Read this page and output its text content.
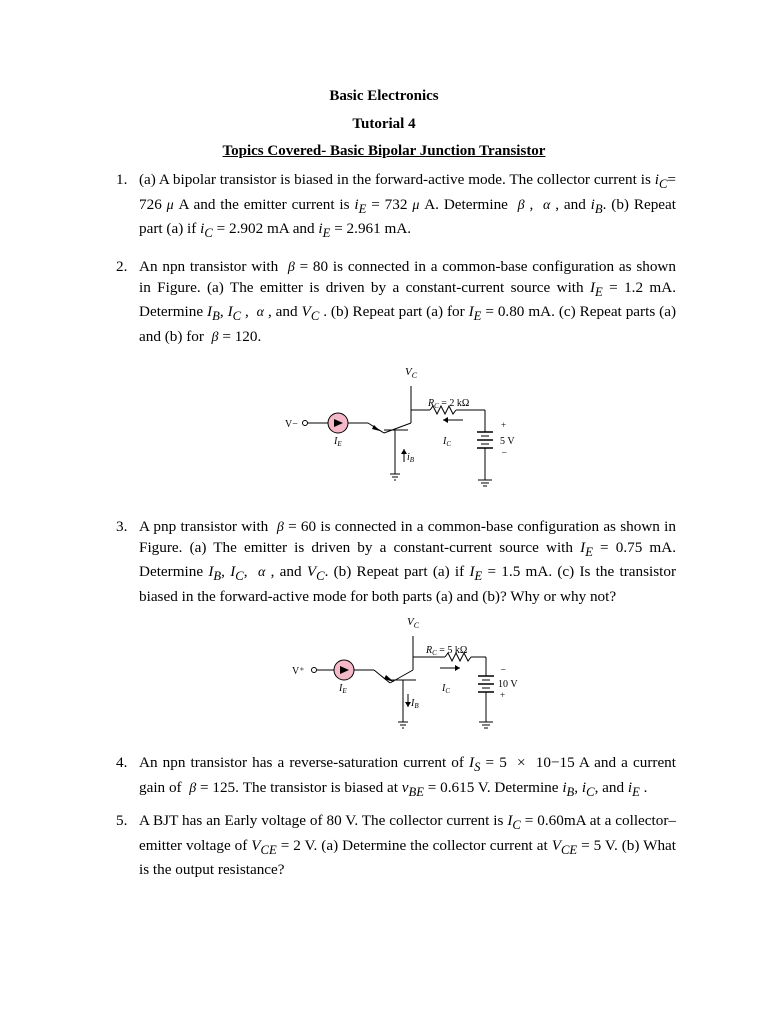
Basic Electronics
Tutorial 4
Topics Covered- Basic Bipolar Junction Transistor
1. (a) A bipolar transistor is biased in the forward-active mode. The collector current is $i_C= 726$ μ A and the emitter current is $i_E = 732$ μ A. Determine  β ,  α , and $i_B$. (b) Repeat part (a) if $i_C = 2.902$ mA and $i_E = 2.961$ mA.
2. An npn transistor with  β = 80 is connected in a common-base configuration as shown in Figure. (a) The emitter is driven by a constant-current source with $I_E = 1.2$ mA. Determine $I_B$, $I_C$ ,  α , and $V_C$ . (b) Repeat part (a) for $I_E = 0.80$ mA. (c) Repeat parts (a) and (b) for  β = 120.
V−
$V_C$
$I_E$
$i_B$
$I_C$
$R_C = 2$ kΩ
+
5 V
–
3. A pnp transistor with  β = 60 is connected in a common-base configuration as shown in Figure. (a) The emitter is driven by a constant-current source with $I_E = 0.75$ mA. Determine $I_B$, $I_C$,  α , and $V_C$. (b) Repeat part (a) if $I_E = 1.5$ mA. (c) Is the transistor biased in the forward-active mode for both parts (a) and (b)? Why or why not?
V⁺
$V_C$
$I_E$
$I_B$
$I_C$
$R_C = 5$ kΩ
–
10 V
+
4. An npn transistor has a reverse-saturation current of $I_S = 5 \times 10-15$ A and a current gain of  β = 125. The transistor is biased at $v_{BE} = 0.615$ V. Determine $i_B$, $i_C$, and $i_E$ .
5. A BJT has an Early voltage of 80 V. The collector current is $I_C = 0.60mA$ at a collector–emitter voltage of $V_{CE} = 2$ V. (a) Determine the collector current at $V_{CE} = 5$ V. (b) What is the output resistance?
